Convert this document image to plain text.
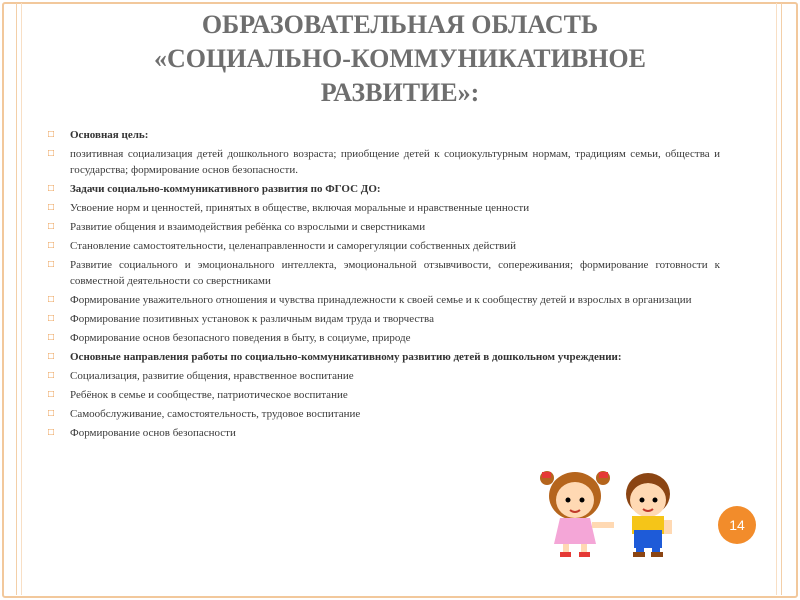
ОБРАЗОВАТЕЛЬНАЯ ОБЛАСТЬ
«СОЦИАЛЬНО-КОММУНИКАТИВНОЕ
РАЗВИТИЕ»:
□ Основная цель:
□ позитивная социализация детей дошкольного возраста; приобщение детей к социокультурным нормам, традициям семьи, общества и государства; формирование основ безопасности.
□ Задачи социально-коммуникативного развития по ФГОС ДО:
□ Усвоение норм и ценностей, принятых в обществе, включая моральные и нравственные ценности
□ Развитие общения и взаимодействия ребёнка со взрослыми и сверстниками
□ Становление самостоятельности, целенаправленности и саморегуляции собственных действий
□ Развитие социального и эмоционального интеллекта, эмоциональной отзывчивости, сопереживания; формирование готовности к совместной деятельности со сверстниками
□ Формирование уважительного отношения и чувства принадлежности к своей семье и к сообществу детей и взрослых в организации
□ Формирование позитивных установок к различным видам труда и творчества
□ Формирование основ безопасного поведения в быту, в социуме, природе
□ Основные направления работы по социально-коммуникативному развитию детей в дошкольном учреждении:
□ Социализация, развитие общения, нравственное воспитание
□ Ребёнок в семье и сообществе, патриотическое воспитание
□ Самообслуживание, самостоятельность, трудовое воспитание
□ Формирование основ безопасности
14
